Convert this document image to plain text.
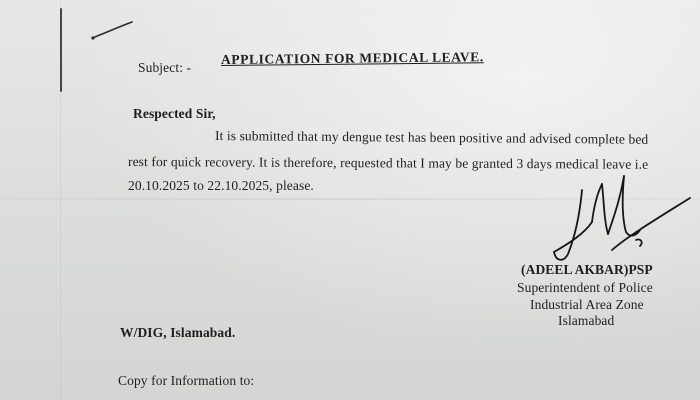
Subject: -
APPLICATION FOR MEDICAL LEAVE.
Respected Sir,
It is submitted that my dengue test has been positive and advised complete bed
rest for quick recovery. It is therefore, requested that I may be granted 3 days medical leave i.e
20.10.2025 to 22.10.2025, please.
(ADEEL AKBAR)PSP
Superintendent of Police
Industrial Area Zone
Islamabad
W/DIG, Islamabad.
Copy for Information to:
